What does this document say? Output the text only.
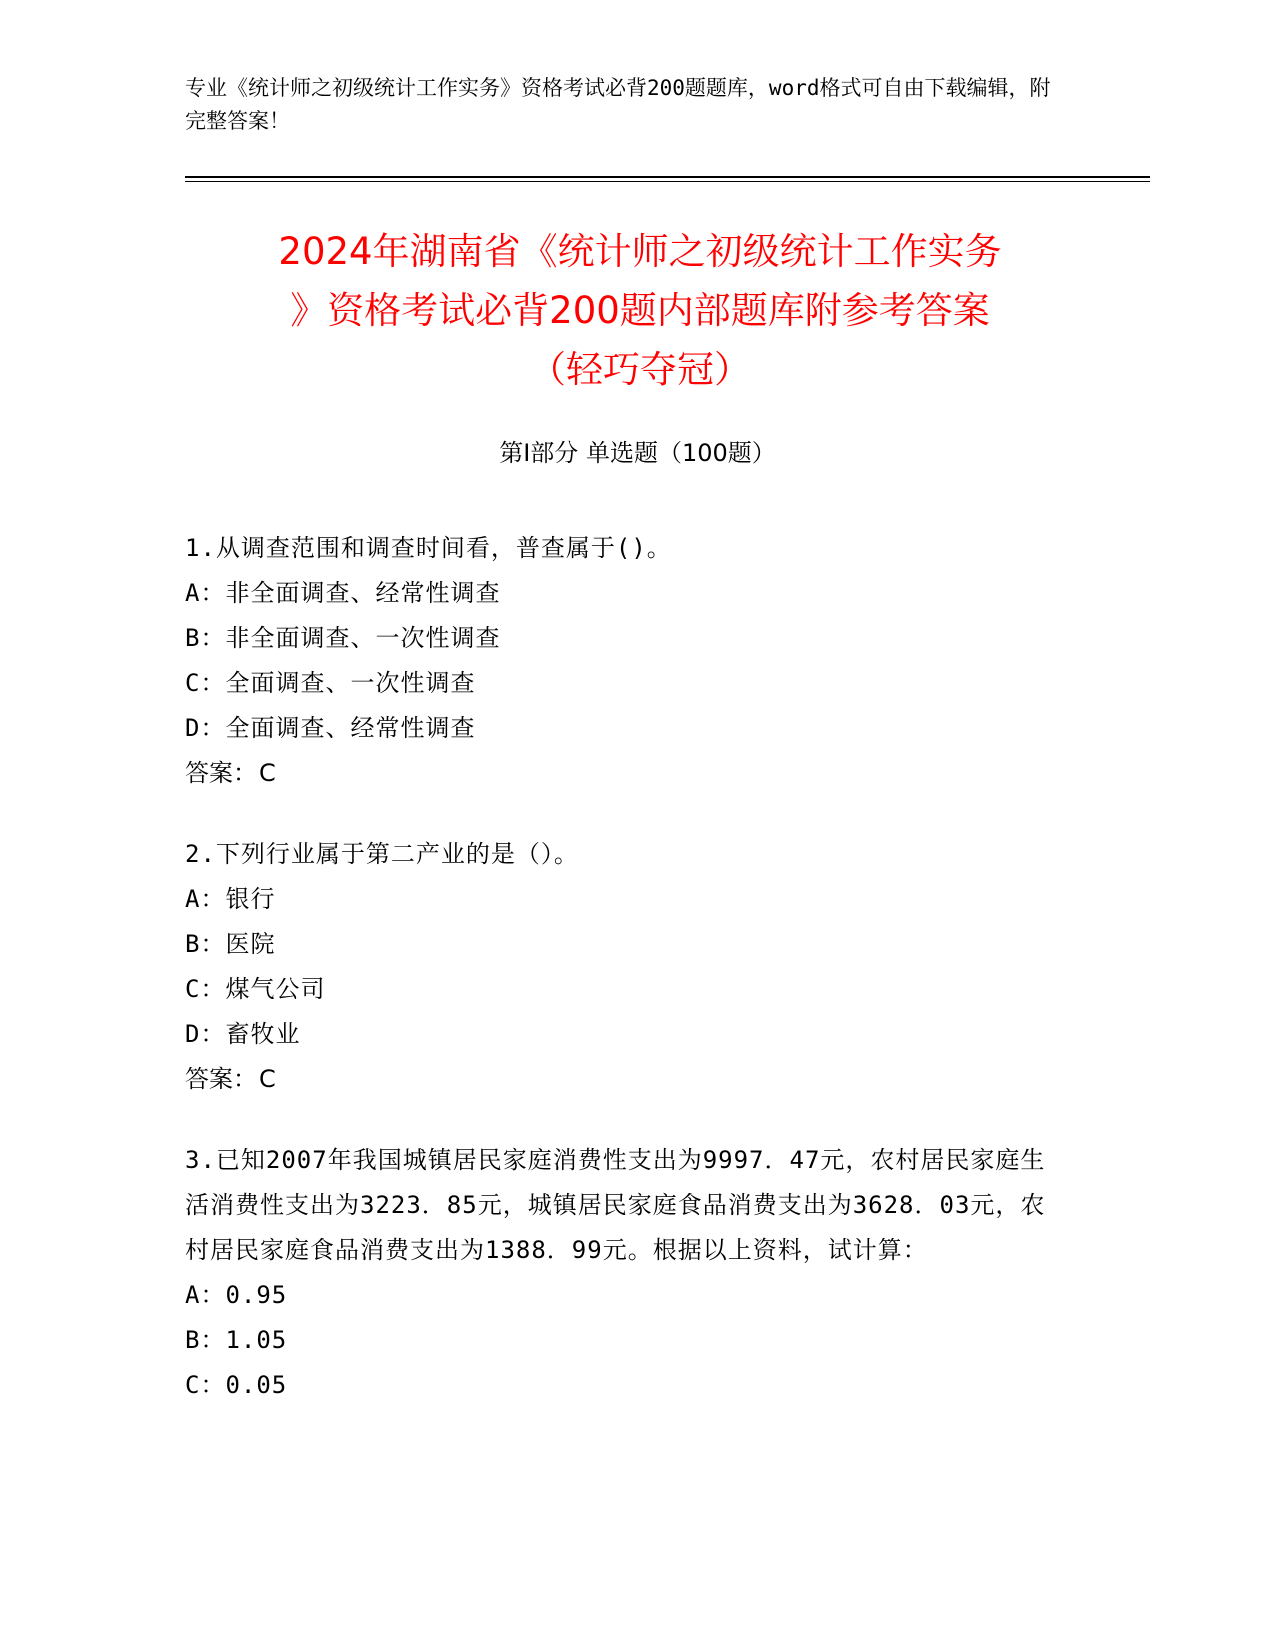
专业《统计师之初级统计工作实务》资格考试必背200题题库，word格式可自由下载编辑，附完整答案！
2024年湖南省《统计师之初级统计工作实务
》资格考试必背200题内部题库附参考答案
（轻巧夺冠）
第Ⅰ部分 单选题（100题）
1.从调查范围和调查时间看，普查属于()。
A：非全面调查、经常性调查
B：非全面调查、一次性调查
C：全面调查、一次性调查
D：全面调查、经常性调查
答案：C
2.下列行业属于第二产业的是（）。
A：银行
B：医院
C：煤气公司
D：畜牧业
答案：C
3.已知2007年我国城镇居民家庭消费性支出为9997．47元，农村居民家庭生活消费性支出为3223．85元，城镇居民家庭食品消费支出为3628．03元，农村居民家庭食品消费支出为1388．99元。根据以上资料，试计算：
A：0.95
B：1.05
C：0.05
